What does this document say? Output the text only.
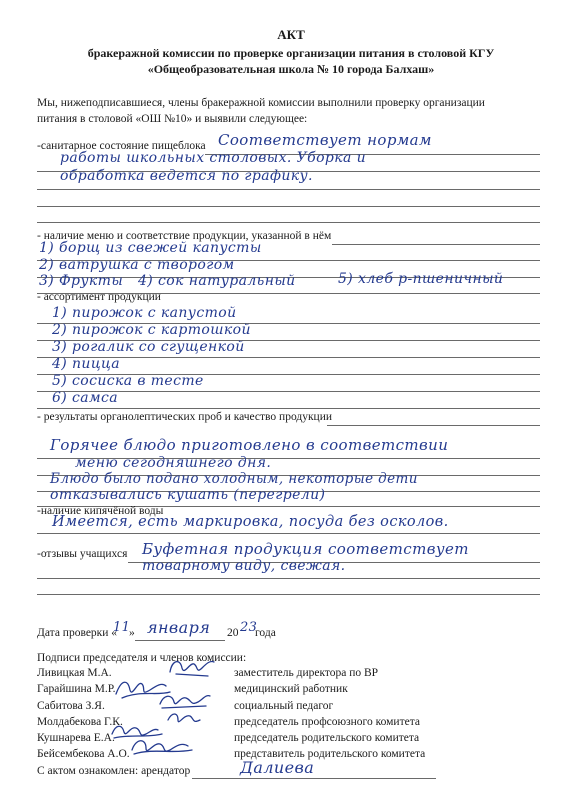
АКТ
бракеражной комиссии по проверке организации питания в столовой КГУ
«Общеобразовательная школа № 10 города Балхаш»
Мы, нижеподписавшиеся, члены бракеражной комиссии выполнили проверку организации
питания в столовой «ОШ №10» и выявили следующее:
-санитарное состояние пищеблока Соответствует нормам
работы школьных столовых. Уборка и
обработка ведется по графику.
- наличие меню и соответствие продукции, указанной в нём
1) борщ из свежей капусты
2) ватрушка с творогом
3) Фрукты 4) сок натуральный	5) хлеб р-пшеничный
- ассортимент продукции
1) пирожок с капустой
2) пирожок с картошкой
3) рогалик со сгущенкой
4) пицца
5) сосиска в тесте
6) самса
- результаты органолептических проб и качество продукции
Горячее блюдо приготовлено в соответствии
меню сегодняшнего дня.
Блюдо было подано холодным, некоторые дети
отказывались кушать (перегрели)
-наличие кипячёной воды
Имеется, есть маркировка, посуда без осколов.
-отзывы учащихся Буфетная продукция соответствует
товарному виду, свежая.
Дата проверки «
11
» января 20 23
года
Подписи председателя и членов комиссии:
Ливицкая М.А.	заместитель директора по ВР
Гарайшина М.Р.	медицинский работник
Сабитова З.Я.	социальный педагог
Молдабекова Г.К.	председатель профсоюзного комитета
Кушнарева Е.А.	председатель родительского комитета
Бейсембекова А.О.	представитель родительского комитета
С актом ознакомлен: арендатор	Далиева
